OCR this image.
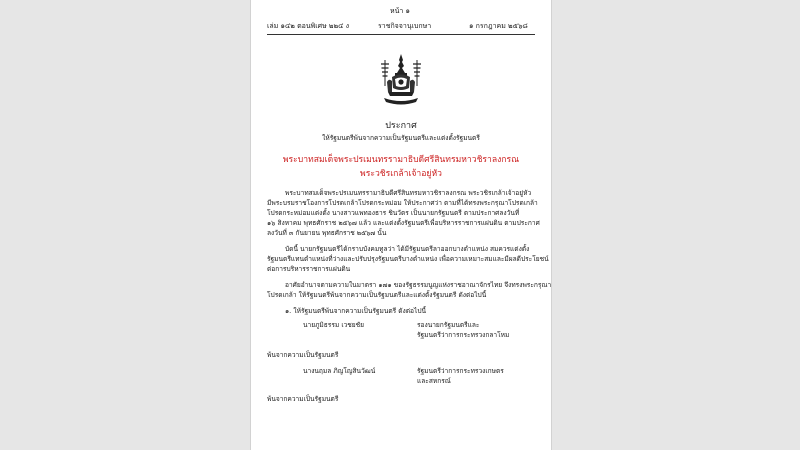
หน้า ๑
เล่ม ๑๔๒ ตอนพิเศษ ๒๒๔ ง	ราชกิจจานุเบกษา	๑ กรกฎาคม ๒๕๖๘
ประกาศ
ให้รัฐมนตรีพ้นจากความเป็นรัฐมนตรีและแต่งตั้งรัฐมนตรี
พระบาทสมเด็จพระปรเมนทรรามาธิบดีศรีสินทรมหาวชิราลงกรณ
พระวชิรเกล้าเจ้าอยู่หัว
พระบาทสมเด็จพระปรเมนทรรามาธิบดีศรีสินทรมหาวชิราลงกรณ พระวชิรเกล้าเจ้าอยู่หัว
มีพระบรมราชโองการโปรดเกล้าโปรดกระหม่อม ให้ประกาศว่า ตามที่ได้ทรงพระกรุณาโปรดเกล้า
โปรดกระหม่อมแต่งตั้ง นางสาวแพทองธาร ชินวัตร เป็นนายกรัฐมนตรี ตามประกาศลงวันที่
๑๖ สิงหาคม พุทธศักราช ๒๕๖๗ แล้ว และแต่งตั้งรัฐมนตรีเพื่อบริหารราชการแผ่นดิน ตามประกาศ
ลงวันที่ ๓ กันยายน พุทธศักราช ๒๕๖๗ นั้น
บัดนี้ นายกรัฐมนตรีได้กราบบังคมทูลว่า ได้มีรัฐมนตรีลาออกบางตำแหน่ง สมควรแต่งตั้ง
รัฐมนตรีแทนตำแหน่งที่ว่างและปรับปรุงรัฐมนตรีบางตำแหน่ง เพื่อความเหมาะสมและมีผลดีประโยชน์
ต่อการบริหารราชการแผ่นดิน
อาศัยอำนาจตามความในมาตรา ๑๗๑ ของรัฐธรรมนูญแห่งราชอาณาจักรไทย จึงทรงพระกรุณา
โปรดเกล้า ให้รัฐมนตรีพ้นจากความเป็นรัฐมนตรีและแต่งตั้งรัฐมนตรี ดังต่อไปนี้
๑. ให้รัฐมนตรีพ้นจากความเป็นรัฐมนตรี ดังต่อไปนี้
นายภูมิธรรม เวชยชัย	รองนายกรัฐมนตรีและ
รัฐมนตรีว่าการกระทรวงกลาโหม
พ้นจากความเป็นรัฐมนตรี
นางนฤมล ภิญโญสินวัฒน์	รัฐมนตรีว่าการกระทรวงเกษตร
และสหกรณ์
พ้นจากความเป็นรัฐมนตรี
